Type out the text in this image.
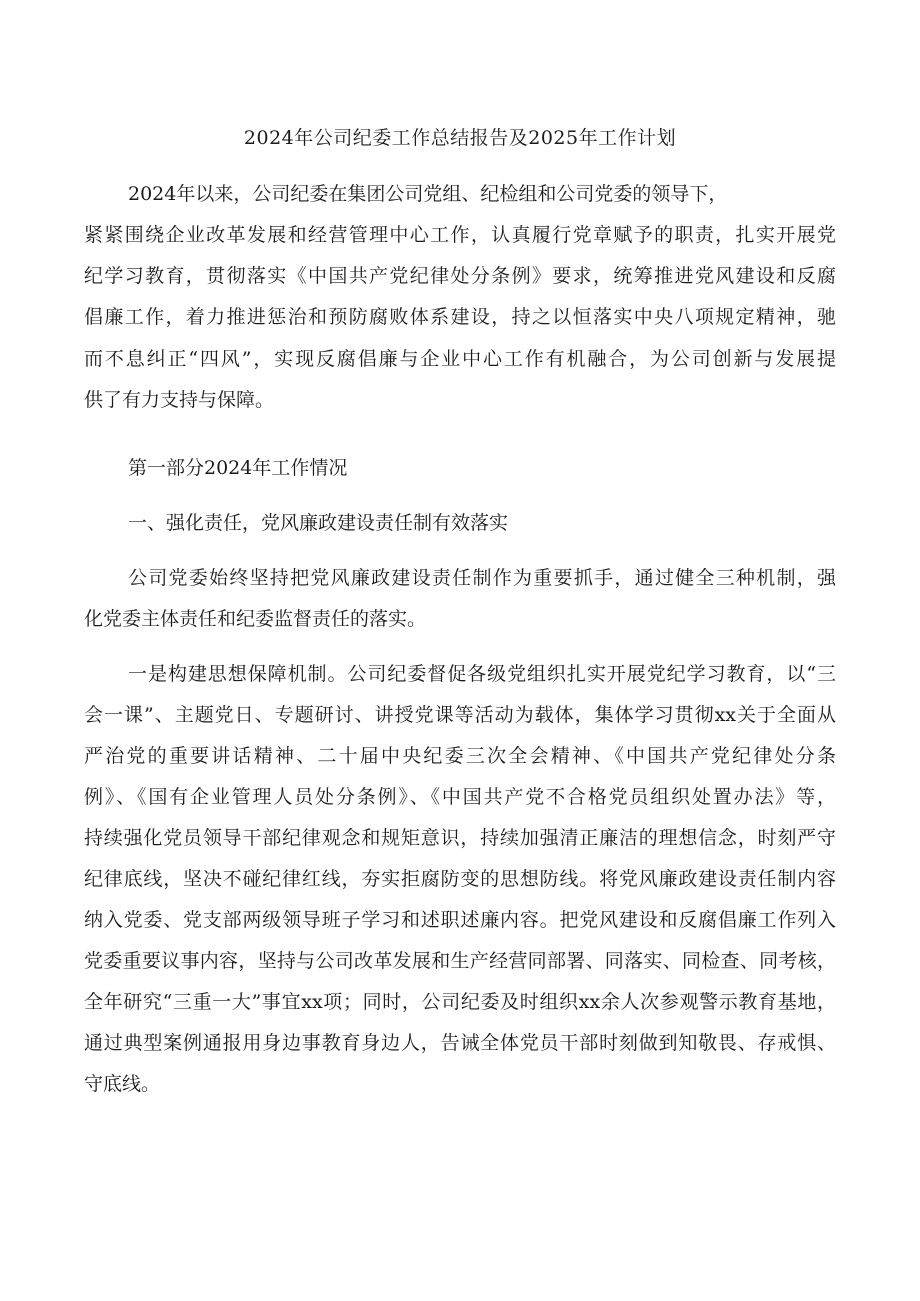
2024年公司纪委工作总结报告及2025年工作计划

2024年以来，公司纪委在集团公司党组、纪检组和公司党委的领导下，

紧紧围绕企业改革发展和经营管理中心工作，认真履行党章赋予的职责，扎实开展党

纪学习教育，贯彻落实《中国共产党纪律处分条例》要求，统筹推进党风建设和反腐

倡廉工作，着力推进惩治和预防腐败体系建设，持之以恒落实中央八项规定精神，驰

而不息纠正“四风”，实现反腐倡廉与企业中心工作有机融合，为公司创新与发展提

供了有力支持与保障。

第一部分2024年工作情况

一、强化责任，党风廉政建设责任制有效落实

公司党委始终坚持把党风廉政建设责任制作为重要抓手，通过健全三种机制，强

化党委主体责任和纪委监督责任的落实。

一是构建思想保障机制。公司纪委督促各级党组织扎实开展党纪学习教育，以“三

会一课”、主题党日、专题研讨、讲授党课等活动为载体，集体学习贯彻xx关于全面从

严治党的重要讲话精神、二十届中央纪委三次全会精神、《中国共产党纪律处分条

例》、《国有企业管理人员处分条例》、《中国共产党不合格党员组织处置办法》等，

持续强化党员领导干部纪律观念和规矩意识，持续加强清正廉洁的理想信念，时刻严守

纪律底线，坚决不碰纪律红线，夯实拒腐防变的思想防线。将党风廉政建设责任制内容

纳入党委、党支部两级领导班子学习和述职述廉内容。把党风建设和反腐倡廉工作列入

党委重要议事内容，坚持与公司改革发展和生产经营同部署、同落实、同检查、同考核，

全年研究“三重一大”事宜xx项；同时，公司纪委及时组织xx余人次参观警示教育基地，

通过典型案例通报用身边事教育身边人，告诫全体党员干部时刻做到知敬畏、存戒惧、

守底线。
